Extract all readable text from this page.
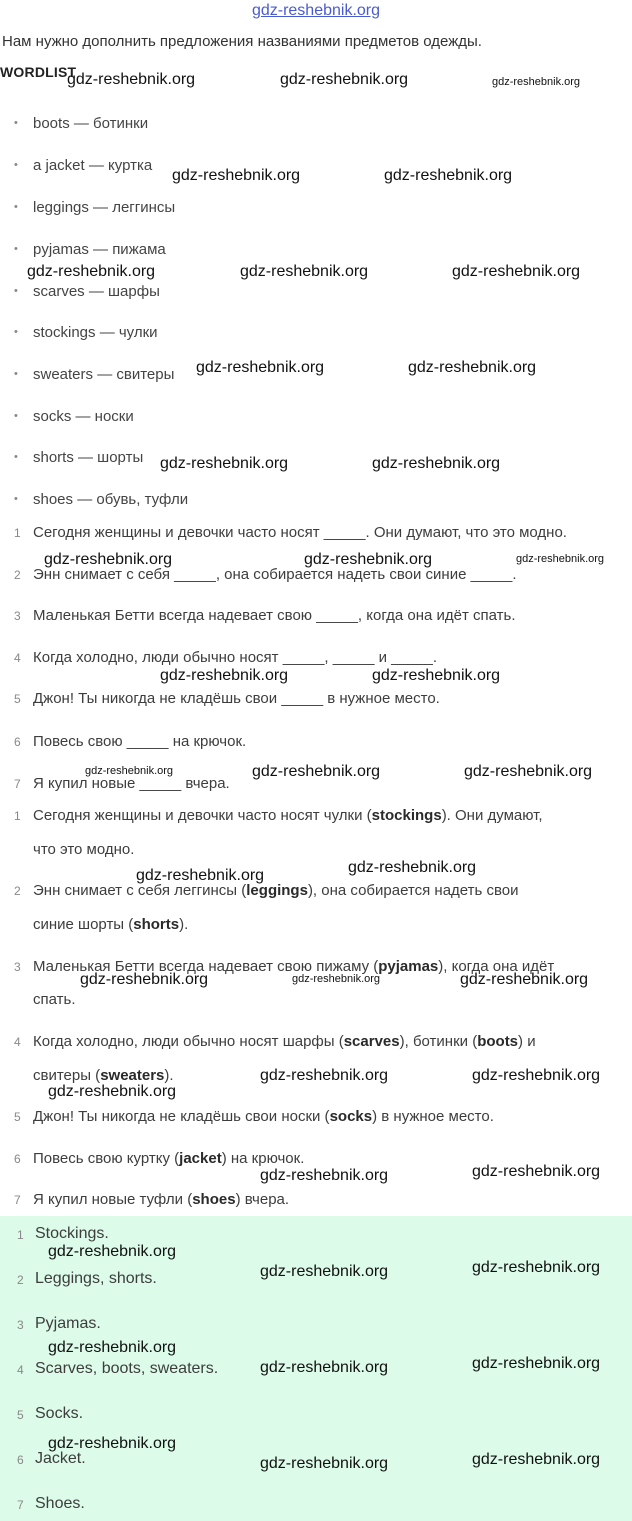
gdz-reshebnik.org
Нам нужно дополнить предложения названиями предметов одежды.
WORDLIST
• boots — ботинки
• a jacket — куртка
• leggings — леггинсы
• pyjamas — пижама
• scarves — шарфы
• stockings — чулки
• sweaters — свитеры
• socks — носки
• shorts — шорты
• shoes — обувь, туфли
1 Сегодня женщины и девочки часто носят _____. Они думают, что это модно.
2 Энн снимает с себя _____, она собирается надеть свои синие _____.
3 Маленькая Бетти всегда надевает свою _____, когда она идёт спать.
4 Когда холодно, люди обычно носят _____, _____ и _____.
5 Джон! Ты никогда не кладёшь свои _____ в нужное место.
6 Повесь свою _____ на крючок.
7 Я купил новые _____ вчера.
1 Сегодня женщины и девочки часто носят чулки (stockings). Они думают,
что это модно.
2 Энн снимает с себя леггинсы (leggings), она собирается надеть свои
синие шорты (shorts).
3 Маленькая Бетти всегда надевает свою пижаму (pyjamas), когда она идёт
спать.
4 Когда холодно, люди обычно носят шарфы (scarves), ботинки (boots) и
свитеры (sweaters).
5 Джон! Ты никогда не кладёшь свои носки (socks) в нужное место.
6 Повесь свою куртку (jacket) на крючок.
7 Я купил новые туфли (shoes) вчера.
1 Stockings.
2 Leggings, shorts.
3 Pyjamas.
4 Scarves, boots, sweaters.
5 Socks.
6 Jacket.
7 Shoes.
gdz-reshebnik.org	gdz-reshebnik.org	gdz-reshebnik.org
gdz-reshebnik.org	gdz-reshebnik.org
gdz-reshebnik.org	gdz-reshebnik.org	gdz-reshebnik.org
gdz-reshebnik.org	gdz-reshebnik.org
gdz-reshebnik.org	gdz-reshebnik.org
gdz-reshebnik.org	gdz-reshebnik.org	gdz-reshebnik.org
gdz-reshebnik.org	gdz-reshebnik.org
gdz-reshebnik.org	gdz-reshebnik.org	gdz-reshebnik.org
gdz-reshebnik.org	gdz-reshebnik.org
gdz-reshebnik.org	gdz-reshebnik.org	gdz-reshebnik.org
gdz-reshebnik.org	gdz-reshebnik.org
gdz-reshebnik.org
gdz-reshebnik.org	gdz-reshebnik.org
gdz-reshebnik.org
gdz-reshebnik.org	gdz-reshebnik.org
gdz-reshebnik.org
gdz-reshebnik.org	gdz-reshebnik.org
gdz-reshebnik.org
gdz-reshebnik.org	gdz-reshebnik.org
